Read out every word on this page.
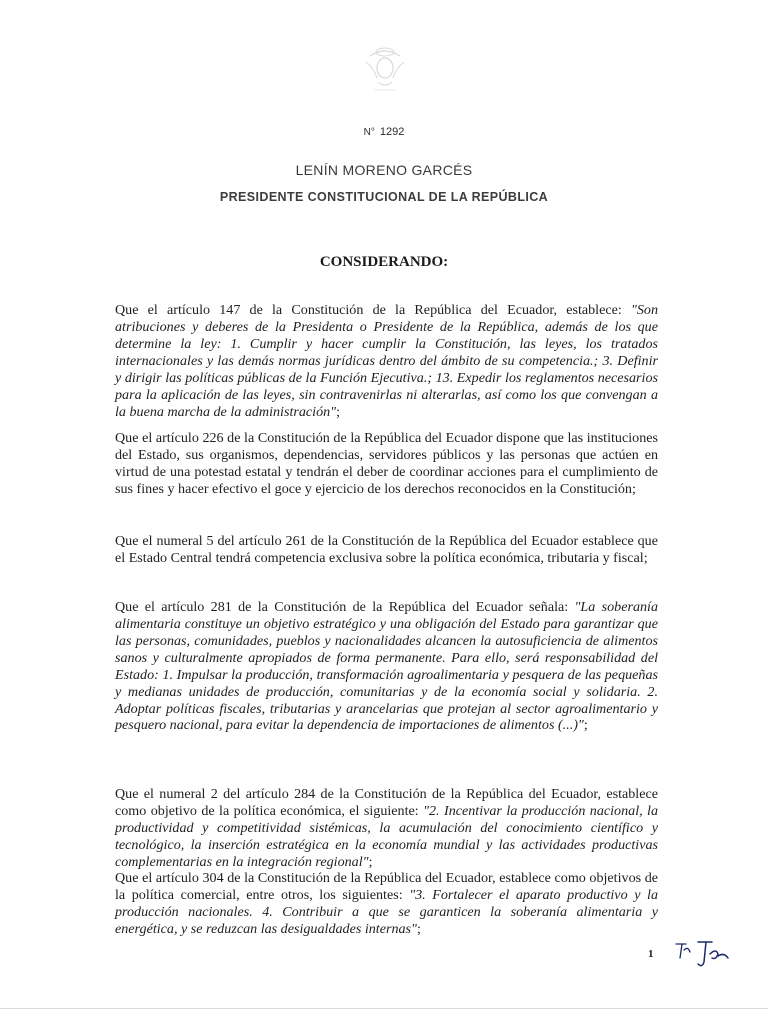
N° 1292
LENÍN MORENO GARCÉS
PRESIDENTE CONSTITUCIONAL DE LA REPÚBLICA
CONSIDERANDO:

Que el artículo 147 de la Constitución de la República del Ecuador, establece: "Son atribuciones y deberes de la Presidenta o Presidente de la República, además de los que determine la ley: 1. Cumplir y hacer cumplir la Constitución, las leyes, los tratados internacionales y las demás normas jurídicas dentro del ámbito de su competencia.; 3. Definir y dirigir las políticas públicas de la Función Ejecutiva.; 13. Expedir los reglamentos necesarios para la aplicación de las leyes, sin contravenirlas ni alterarlas, así como los que convengan a la buena marcha de la administración";

Que el artículo 226 de la Constitución de la República del Ecuador dispone que las instituciones del Estado, sus organismos, dependencias, servidores públicos y las personas que actúen en virtud de una potestad estatal y tendrán el deber de coordinar acciones para el cumplimiento de sus fines y hacer efectivo el goce y ejercicio de los derechos reconocidos en la Constitución;

Que el numeral 5 del artículo 261 de la Constitución de la República del Ecuador establece que el Estado Central tendrá competencia exclusiva sobre la política económica, tributaria y fiscal;

Que el artículo 281 de la Constitución de la República del Ecuador señala: "La soberanía alimentaria constituye un objetivo estratégico y una obligación del Estado para garantizar que las personas, comunidades, pueblos y nacionalidades alcancen la autosuficiencia de alimentos sanos y culturalmente apropiados de forma permanente. Para ello, será responsabilidad del Estado: 1. Impulsar la producción, transformación agroalimentaria y pesquera de las pequeñas y medianas unidades de producción, comunitarias y de la economía social y solidaria. 2. Adoptar políticas fiscales, tributarias y arancelarias que protejan al sector agroalimentario y pesquero nacional, para evitar la dependencia de importaciones de alimentos (...)";

Que el numeral 2 del artículo 284 de la Constitución de la República del Ecuador, establece como objetivo de la política económica, el siguiente: "2. Incentivar la producción nacional, la productividad y competitividad sistémicas, la acumulación del conocimiento científico y tecnológico, la inserción estratégica en la economía mundial y las actividades productivas complementarias en la integración regional";

Que el artículo 304 de la Constitución de la República del Ecuador, establece como objetivos de la política comercial, entre otros, los siguientes: "3. Fortalecer el aparato productivo y la producción nacionales. 4. Contribuir a que se garanticen la soberanía alimentaria y energética, y se reduzcan las desigualdades internas";

1
